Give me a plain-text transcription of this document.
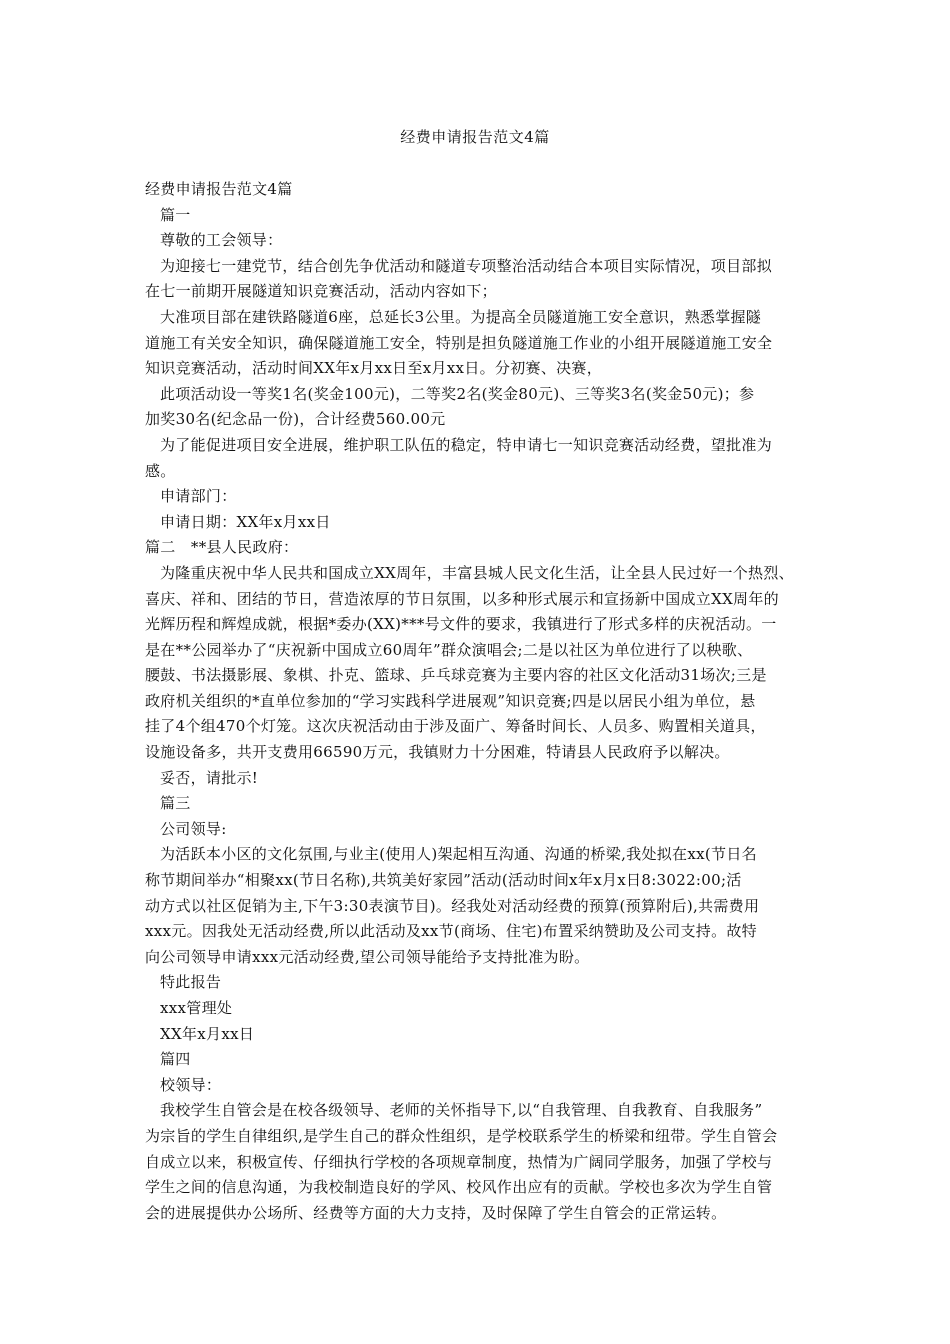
经费申请报告范文4篇
经费申请报告范文4篇
篇一
尊敬的工会领导：
为迎接七一建党节，结合创先争优活动和隧道专项整治活动结合本项目实际情况，项目部拟
在七一前期开展隧道知识竞赛活动，活动内容如下；
大准项目部在建铁路隧道6座，总延长3公里。为提高全员隧道施工安全意识，熟悉掌握隧
道施工有关安全知识，确保隧道施工安全，特别是担负隧道施工作业的小组开展隧道施工安全
知识竞赛活动，活动时间XX年x月xx日至x月xx日。分初赛、决赛，
此项活动设一等奖1名(奖金100元)，二等奖2名(奖金80元)、三等奖3名(奖金50元)；参
加奖30名(纪念品一份)，合计经费560.00元
为了能促进项目安全进展，维护职工队伍的稳定，特申请七一知识竞赛活动经费，望批准为
感。
申请部门：
申请日期：XX年x月xx日
篇二　**县人民政府：
为隆重庆祝中华人民共和国成立XX周年，丰富县城人民文化生活，让全县人民过好一个热烈、
喜庆、祥和、团结的节日，营造浓厚的节日氛围，以多种形式展示和宣扬新中国成立XX周年的
光辉历程和辉煌成就，根据*委办(XX)***号文件的要求，我镇进行了形式多样的庆祝活动。一
是在**公园举办了“庆祝新中国成立60周年”群众演唱会;二是以社区为单位进行了以秧歌、
腰鼓、书法摄影展、象棋、扑克、篮球、乒乓球竞赛为主要内容的社区文化活动31场次;三是
政府机关组织的*直单位参加的“学习实践科学进展观”知识竞赛;四是以居民小组为单位，悬
挂了4个组470个灯笼。这次庆祝活动由于涉及面广、筹备时间长、人员多、购置相关道具，
设施设备多，共开支费用66590万元，我镇财力十分困难，特请县人民政府予以解决。
妥否，请批示!
篇三
公司领导:
为活跃本小区的文化氛围,与业主(使用人)架起相互沟通、沟通的桥梁,我处拟在xx(节日名
称节期间举办“相聚xx(节日名称),共筑美好家园”活动(活动时间x年x月x日8:3022:00;活
动方式以社区促销为主,下午3:30表演节目)。经我处对活动经费的预算(预算附后),共需费用
xxx元。因我处无活动经费,所以此活动及xx节(商场、住宅)布置采纳赞助及公司支持。故特
向公司领导申请xxx元活动经费,望公司领导能给予支持批准为盼。
特此报告
xxx管理处
XX年x月xx日
篇四
校领导：
我校学生自管会是在校各级领导、老师的关怀指导下,以“自我管理、自我教育、自我服务”
为宗旨的学生自律组织,是学生自己的群众性组织，是学校联系学生的桥梁和纽带。学生自管会
自成立以来，积极宣传、仔细执行学校的各项规章制度，热情为广阔同学服务，加强了学校与
学生之间的信息沟通，为我校制造良好的学风、校风作出应有的贡献。学校也多次为学生自管
会的进展提供办公场所、经费等方面的大力支持，及时保障了学生自管会的正常运转。
